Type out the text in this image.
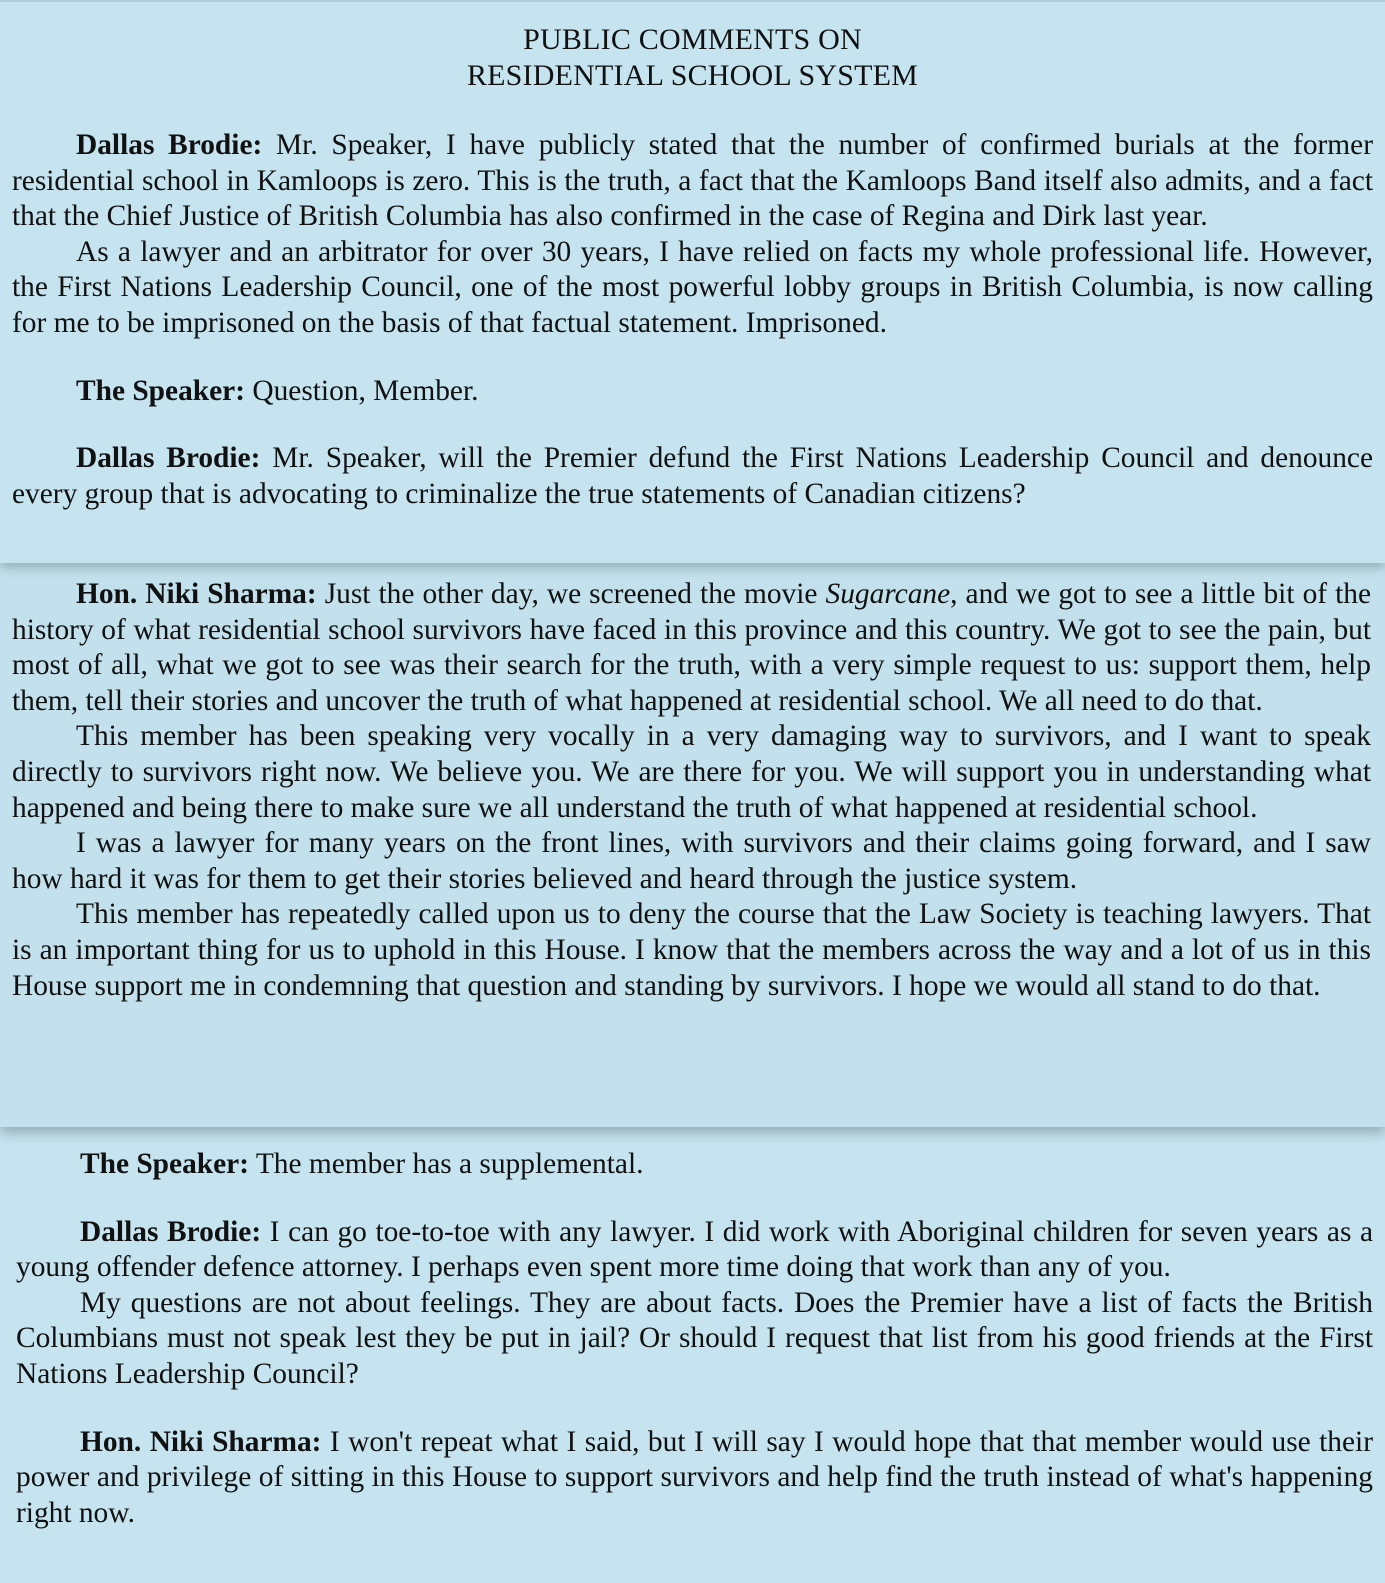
PUBLIC COMMENTS ON
RESIDENTIAL SCHOOL SYSTEM

Dallas Brodie: Mr. Speaker, I have publicly stated that the number of confirmed burials at the former residential school in Kamloops is zero. This is the truth, a fact that the Kamloops Band itself also admits, and a fact that the Chief Justice of British Columbia has also confirmed in the case of Regina and Dirk last year.

As a lawyer and an arbitrator for over 30 years, I have relied on facts my whole professional life. However, the First Nations Leadership Council, one of the most powerful lobby groups in British Columbia, is now calling for me to be imprisoned on the basis of that factual statement. Imprisoned.

The Speaker: Question, Member.

Dallas Brodie: Mr. Speaker, will the Premier defund the First Nations Leadership Council and denounce every group that is advocating to criminalize the true statements of Canadian citizens?

Hon. Niki Sharma: Just the other day, we screened the movie Sugarcane, and we got to see a little bit of the history of what residential school survivors have faced in this province and this country. We got to see the pain, but most of all, what we got to see was their search for the truth, with a very simple request to us: support them, help them, tell their stories and uncover the truth of what happened at residential school. We all need to do that.

This member has been speaking very vocally in a very damaging way to survivors, and I want to speak directly to survivors right now. We believe you. We are there for you. We will support you in understanding what happened and being there to make sure we all understand the truth of what happened at residential school.

I was a lawyer for many years on the front lines, with survivors and their claims going forward, and I saw how hard it was for them to get their stories believed and heard through the justice system.

This member has repeatedly called upon us to deny the course that the Law Society is teaching lawyers. That is an important thing for us to uphold in this House. I know that the members across the way and a lot of us in this House support me in condemning that question and standing by survivors. I hope we would all stand to do that.

The Speaker: The member has a supplemental.

Dallas Brodie: I can go toe-to-toe with any lawyer. I did work with Aboriginal children for seven years as a young offender defence attorney. I perhaps even spent more time doing that work than any of you.

My questions are not about feelings. They are about facts. Does the Premier have a list of facts the British Columbians must not speak lest they be put in jail? Or should I request that list from his good friends at the First Nations Leadership Council?

Hon. Niki Sharma: I won't repeat what I said, but I will say I would hope that that member would use their power and privilege of sitting in this House to support survivors and help find the truth instead of what's happening right now.
